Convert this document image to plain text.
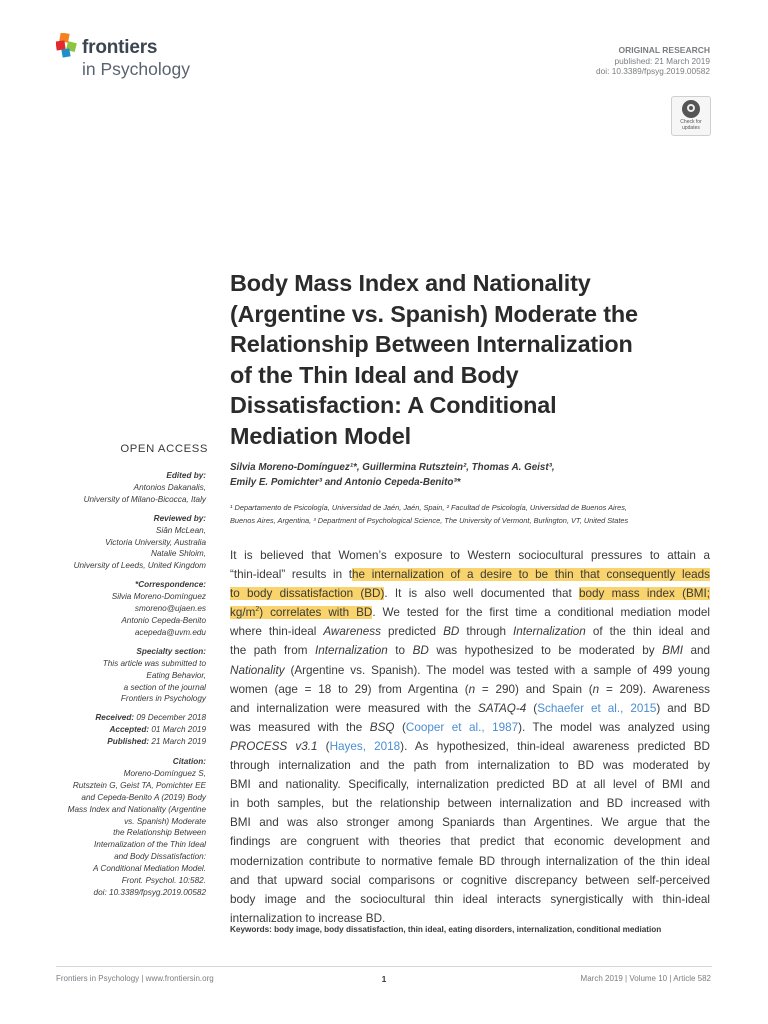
frontiers
in Psychology
ORIGINAL RESEARCH
published: 21 March 2019
doi: 10.3389/fpsyg.2019.00582
Check for updates
Body Mass Index and Nationality
(Argentine vs. Spanish) Moderate the
Relationship Between Internalization
of the Thin Ideal and Body
Dissatisfaction: A Conditional
Mediation Model
OPEN ACCESS
Edited by:
Antonios Dakanalis,
University of Milano-Bicocca, Italy
Reviewed by:
Siân McLean,
Victoria University, Australia
Natalie Shloim,
University of Leeds, United Kingdom
*Correspondence:
Silvia Moreno-Domínguez
smoreno@ujaen.es
Antonio Cepeda-Benito
acepeda@uvm.edu
Specialty section:
This article was submitted to
Eating Behavior,
a section of the journal
Frontiers in Psychology
Received: 09 December 2018
Accepted: 01 March 2019
Published: 21 March 2019
Citation:
Moreno-Domínguez S,
Rutsztein G, Geist TA, Pomichter EE
and Cepeda-Benito A (2019) Body
Mass Index and Nationality (Argentine
vs. Spanish) Moderate
the Relationship Between
Internalization of the Thin Ideal
and Body Dissatisfaction:
A Conditional Mediation Model.
Front. Psychol. 10:582.
doi: 10.3389/fpsyg.2019.00582
Silvia Moreno-Domínguez¹*, Guillermina Rutsztein², Thomas A. Geist³,
Emily E. Pomichter³ and Antonio Cepeda-Benito³*
¹ Departamento de Psicología, Universidad de Jaén, Jaén, Spain, ² Facultad de Psicología, Universidad de Buenos Aires,
Buenos Aires, Argentina, ³ Department of Psychological Science, The University of Vermont, Burlington, VT, United States
It is believed that Women’s exposure to Western sociocultural pressures to attain a
“thin-ideal” results in the internalization of a desire to be thin that consequently leads
to body dissatisfaction (BD). It is also well documented that body mass index (BMI;
$kg/m^2$) correlates with BD. We tested for the first time a conditional mediation model
where thin-ideal Awareness predicted BD through Internalization of the thin ideal and
the path from Internalization to BD was hypothesized to be moderated by BMI and
Nationality (Argentine vs. Spanish). The model was tested with a sample of 499 young
women (age = 18 to 29) from Argentina (n = 290) and Spain (n = 209). Awareness
and internalization were measured with the SATAQ-4 (Schaefer et al., 2015) and BD
was measured with the BSQ (Cooper et al., 1987). The model was analyzed using
PROCESS v3.1 (Hayes, 2018). As hypothesized, thin-ideal awareness predicted BD
through internalization and the path from internalization to BD was moderated by
BMI and nationality. Specifically, internalization predicted BD at all level of BMI and
in both samples, but the relationship between internalization and BD increased with
BMI and was also stronger among Spaniards than Argentines. We argue that the
findings are congruent with theories that predict that economic development and
modernization contribute to normative female BD through internalization of the thin ideal
and that upward social comparisons or cognitive discrepancy between self-perceived
body image and the sociocultural thin ideal interacts synergistically with thin-ideal
internalization to increase BD.
Keywords: body image, body dissatisfaction, thin ideal, eating disorders, internalization, conditional mediation
Frontiers in Psychology | www.frontiersin.org	1	March 2019 | Volume 10 | Article 582
